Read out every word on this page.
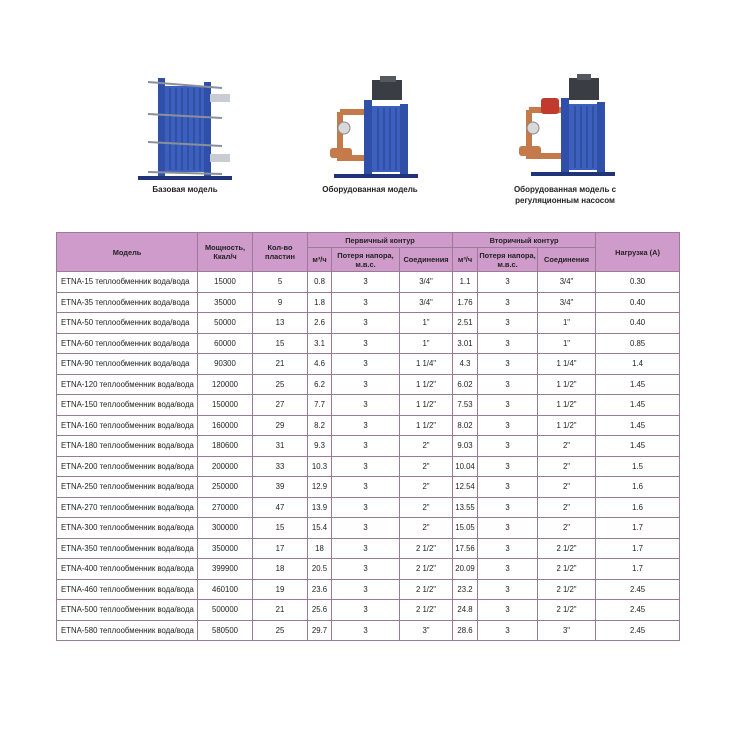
Базовая модель	Оборудованная модель	Оборудованная модель с
регуляционным насосом
Модель	Мощность, Ккал/ч	Кол-во пластин	Первичный контур			Вторичный контур			Нагрузка (А)
			м³/ч	Потеря напора, м.в.с.	Соединения	м³/ч	Потеря напора, м.в.с.	Соединения	
ETNA-15 теплообменник вода/вода	15000	5	0.8	3	3/4"	1.1	3	3/4"	0.30
ETNA-35 теплообменник вода/вода	35000	9	1.8	3	3/4"	1.76	3	3/4"	0.40
ETNA-50 теплообменник вода/вода	50000	13	2.6	3	1"	2.51	3	1"	0.40
ETNA-60 теплообменник вода/вода	60000	15	3.1	3	1"	3.01	3	1"	0.85
ETNA-90 теплообменник вода/вода	90300	21	4.6	3	1 1/4"	4.3	3	1 1/4"	1.4
ETNA-120 теплообменник вода/вода	120000	25	6.2	3	1 1/2"	6.02	3	1 1/2"	1.45
ETNA-150 теплообменник вода/вода	150000	27	7.7	3	1 1/2"	7.53	3	1 1/2"	1.45
ETNA-160 теплообменник вода/вода	160000	29	8.2	3	1 1/2"	8.02	3	1 1/2"	1.45
ETNA-180 теплообменник вода/вода	180600	31	9.3	3	2"	9.03	3	2"	1.45
ETNA-200 теплообменник вода/вода	200000	33	10.3	3	2"	10.04	3	2"	1.5
ETNA-250 теплообменник вода/вода	250000	39	12.9	3	2"	12.54	3	2"	1.6
ETNA-270 теплообменник вода/вода	270000	47	13.9	3	2"	13.55	3	2"	1.6
ETNA-300 теплообменник вода/вода	300000	15	15.4	3	2"	15.05	3	2"	1.7
ETNA-350 теплообменник вода/вода	350000	17	18	3	2 1/2"	17.56	3	2 1/2"	1.7
ETNA-400 теплообменник вода/вода	399900	18	20.5	3	2 1/2"	20.09	3	2 1/2"	1.7
ETNA-460 теплообменник вода/вода	460100	19	23.6	3	2 1/2"	23.2	3	2 1/2"	2.45
ETNA-500 теплообменник вода/вода	500000	21	25.6	3	2 1/2"	24.8	3	2 1/2"	2.45
ETNA-580 теплообменник вода/вода	580500	25	29.7	3	3"	28.6	3	3"	2.45
